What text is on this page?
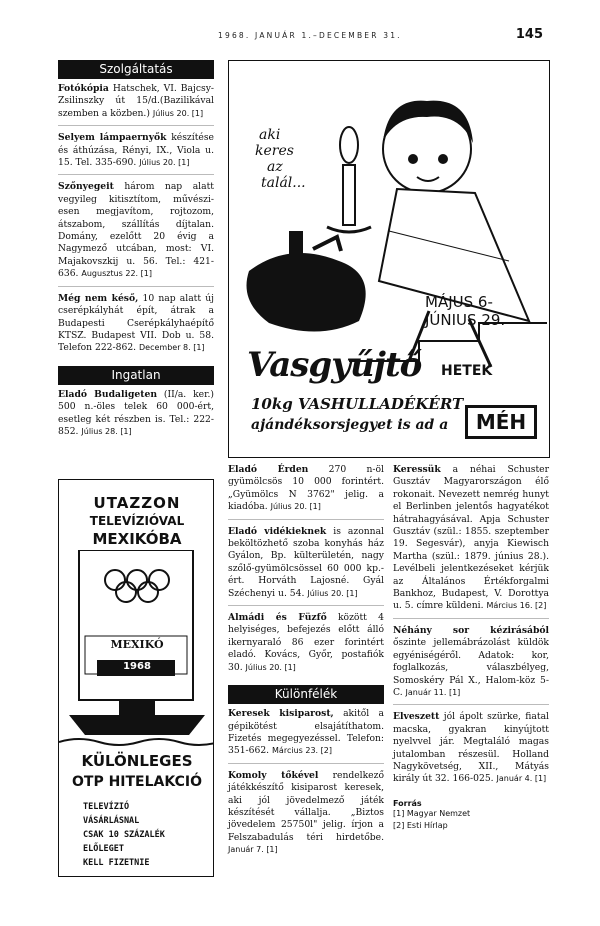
1968. JANUÁR 1.–DECEMBER 31.	145
Szolgáltatás
Fotókópia Hatschek, VI. Bajcsy-Zsilinszky út 15/d.(Bazilikával szemben a közben.) Július 20. [1]
Selyem lámpaernyők készítése és áthúzása, Rényi, IX., Viola u. 15. Tel. 335-690. Július 20. [1]
Szőnyegeit három nap alatt vegyileg kitisztítom, művészi-esen megjavítom, rojtozom, átszabom, szállítás díjtalan. Domány, ezelőtt 20 évig a Nagymező utcában, most: VI. Majakovszkij u. 56. Tel.: 421-636. Augusztus 22. [1]
Még nem késő, 10 nap alatt új cserépkályhát épít, átrak a Budapesti Cserépkályhaépítő KTSZ. Budapest VII. Dob u. 58. Telefon 222-862. December 8. [1]
Ingatlan
Eladó Budaligeten (II/a. ker.) 500 n.-öles telek 60 000-ért, esetleg két részben is. Tel.: 222-852. Július 28. [1]
UTAZZON
TELEVÍZIÓVAL
MEXIKÓBA
MEXIKÓ
1968
KÜLÖNLEGES
OTP HITELAKCIÓ
TELEVÍZIÓ
VÁSÁRLÁSNAL
CSAK 10 SZÁZALÉK
ELŐLEGET
KELL FIZETNIE
aki
keres
az
talál...
MÁJUS 6-
JÚNIUS 29.
Vasgyűjtő HETEK
10kg VASHULLADÉKÉRT
ajándéksorsjegyet is ad a	MÉH
Eladó Érden 270 n-öl gyümölcsös 10 000 forintért. „Gyümölcs N 3762" jelig. a kiadóba. Július 20. [1]
Eladó vidékieknek is azonnal beköltözhető szoba konyhás ház Gyálon, Bp. külterületén, nagy szőlő-gyümölcsössel 60 000 kp.-ért. Horváth Lajosné. Gyál Széchenyi u. 54. Július 20. [1]
Almádi és Füzfő között 4 helyiséges, befejezés előtt álló ikernyaraló 86 ezer forintért eladó. Kovács, Győr, postafiók 30. Július 20. [1]
Különfélék
Keresek kisiparost, akitől a gépikötést elsajátíthatom. Fizetés megegyezéssel. Telefon: 351-662. Március 23. [2]
Komoly tőkével rendelkező játékkészítő kisiparost keresek, aki jól jövedelmező játék készítését vállalja. „Biztos jövedelem 25750l" jelig. írjon a Felszabadulás téri hirdetőbe. Január 7. [1]
Keressük a néhai Schuster Gusztáv Magyarországon élő rokonait. Nevezett nemrég hunyt el Berlinben jelentős hagyatékot hátrahagyásával. Apja Schuster Gusztáv (szül.: 1855. szeptember 19. Segesvár), anyja Kiewisch Martha (szül.: 1879. június 28.). Levélbeli jelentkezéseket kérjük az Általános Értékforgalmi Bankhoz, Budapest, V. Dorottya u. 5. címre küldeni. Március 16. [2]
Néhány sor kézirásából őszinte jellemábrázolást küldök egyéniségéről. Adatok: kor, foglalkozás, válaszbélyeg, Somoskéry Pál X., Halom-köz 5-C. Január 11. [1]
Elveszett jól ápolt szürke, fiatal macska, gyakran kinyújtott nyelvvel jár. Megtaláló magas jutalomban részesül. Holland Nagykövetség, XII., Mátyás király út 32. 166-025. Január 4. [1]
Forrás
[1] Magyar Nemzet
[2] Esti Hírlap
